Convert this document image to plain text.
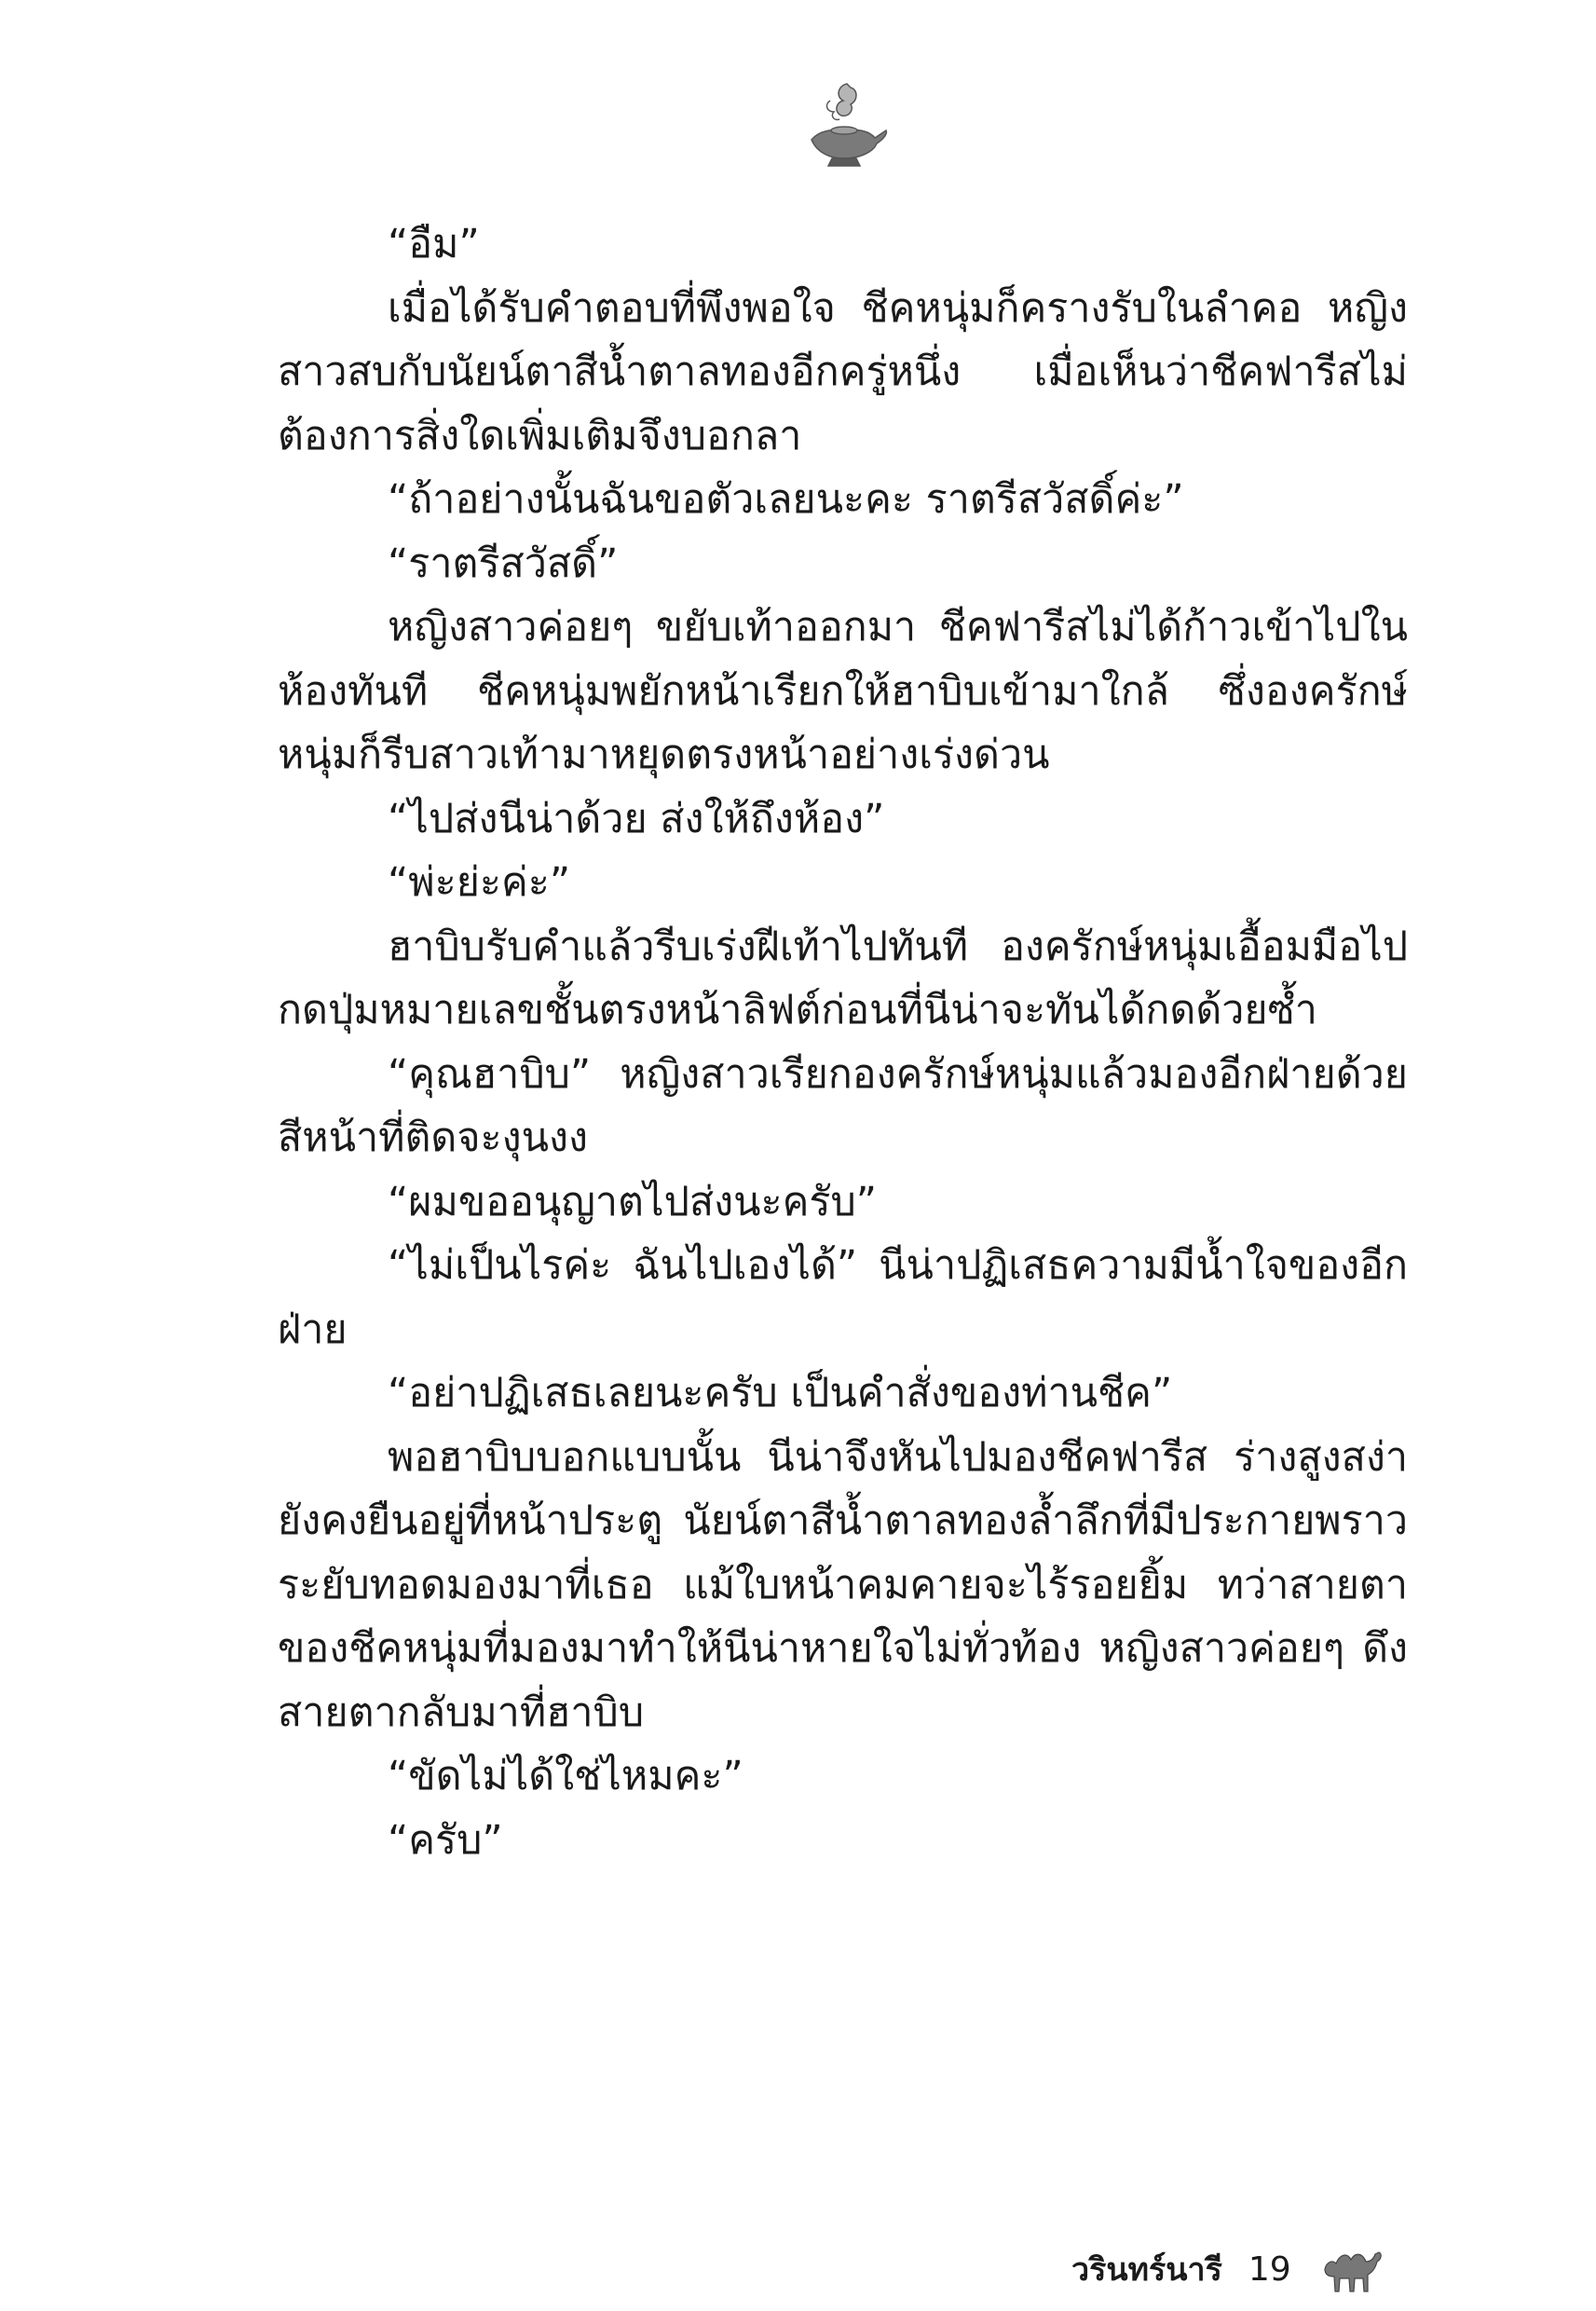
“อืม”

เมื่อได้รับคำตอบที่พึงพอใจ ชีคหนุ่มก็ครางรับในลำคอ หญิงสาวสบกับนัยน์ตาสีน้ำตาลทองอีกครู่หนึ่ง เมื่อเห็นว่าชีคฟารีสไม่ต้องการสิ่งใดเพิ่มเติมจึงบอกลา

“ถ้าอย่างนั้นฉันขอตัวเลยนะคะ ราตรีสวัสดิ์ค่ะ”

“ราตรีสวัสดิ์”

หญิงสาวค่อยๆ ขยับเท้าออกมา ชีคฟารีสไม่ได้ก้าวเข้าไปในห้องทันที ชีคหนุ่มพยักหน้าเรียกให้ฮาบิบเข้ามาใกล้ ซึ่งองครักษ์หนุ่มก็รีบสาวเท้ามาหยุดตรงหน้าอย่างเร่งด่วน

“ไปส่งนีน่าด้วย ส่งให้ถึงห้อง”

“พ่ะย่ะค่ะ”

ฮาบิบรับคำแล้วรีบเร่งฝีเท้าไปทันที องครักษ์หนุ่มเอื้อมมือไปกดปุ่มหมายเลขชั้นตรงหน้าลิฟต์ก่อนที่นีน่าจะทันได้กดด้วยซ้ำ

“คุณฮาบิบ” หญิงสาวเรียกองครักษ์หนุ่มแล้วมองอีกฝ่ายด้วยสีหน้าที่ติดจะงุนงง

“ผมขออนุญาตไปส่งนะครับ”

“ไม่เป็นไรค่ะ ฉันไปเองได้” นีน่าปฏิเสธความมีน้ำใจของอีกฝ่าย

“อย่าปฏิเสธเลยนะครับ เป็นคำสั่งของท่านชีค”

พอฮาบิบบอกแบบนั้น นีน่าจึงหันไปมองชีคฟารีส ร่างสูงสง่ายังคงยืนอยู่ที่หน้าประตู นัยน์ตาสีน้ำตาลทองล้ำลึกที่มีประกายพราวระยับทอดมองมาที่เธอ แม้ใบหน้าคมคายจะไร้รอยยิ้ม ทว่าสายตาของชีคหนุ่มที่มองมาทำให้นีน่าหายใจไม่ทั่วท้อง หญิงสาวค่อยๆ ดึงสายตากลับมาที่ฮาบิบ

“ขัดไม่ได้ใช่ไหมคะ”

“ครับ”

วรินทร์นารี 19
